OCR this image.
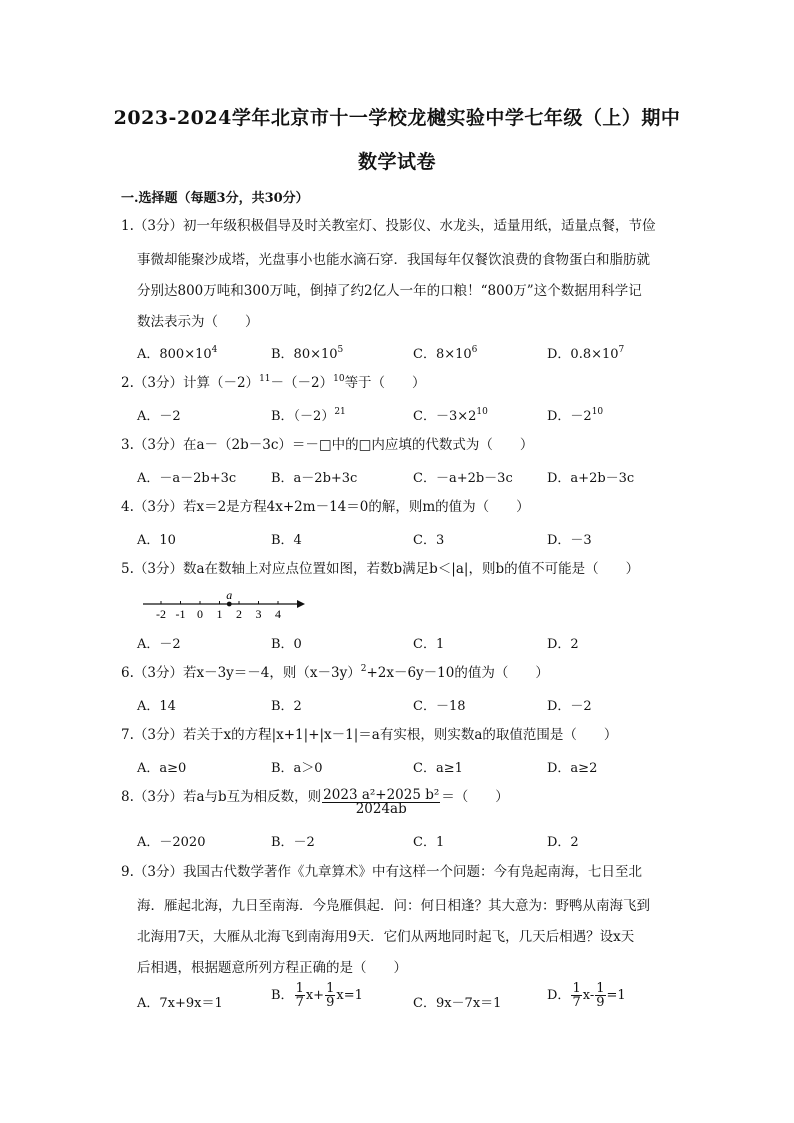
2023-2024学年北京市十一学校龙樾实验中学七年级（上）期中
数学试卷
一.选择题（每题3分，共30分）
1.（3分）初一年级积极倡导及时关教室灯、投影仪、水龙头，适量用纸，适量点餐，节俭
事微却能聚沙成塔，光盘事小也能水滴石穿．我国每年仅餐饮浪费的食物蛋白和脂肪就
分别达800万吨和300万吨，倒掉了约2亿人一年的口粮！“800万”这个数据用科学记
数法表示为（　　）
A．$800\times 10^4$	B．$80\times 10^5$	C．$8\times 10^6$	D．$0.8\times 10^7$
2.（3分）计算$(-2)^{11}-(-2)^{10}$等于（　　）
A．－2	B．$(-2)^{21}$	C．$-3\times 2^{10}$	D．$-2^{10}$
3.（3分）在a－（2b－3c）＝－□中的□内应填的代数式为（　　）
A．－a－2b+3c	B．a－2b+3c	C．－a+2b－3c	D．a+2b－3c
4.（3分）若x＝2是方程4x+2m－14＝0的解，则m的值为（　　）
A．10	B．4	C．3	D．－3
5.（3分）数a在数轴上对应点位置如图，若数b满足b＜|a|，则b的值不可能是（　　）
-2 -1 0 1 2 3 4
a
A．－2	B．0	C．1	D．2
6.（3分）若x－3y＝－4，则$(x-3y)^2+2x-6y-10$的值为（　　）
A．14	B．2	C．－18	D．－2
7.（3分）若关于x的方程|x+1|+|x－1|＝a有实根，则实数a的取值范围是（　　）
A．a≥0	B．a＞0	C．a≥1	D．a≥2
8.（3分）若a与b互为相反数，则 $\frac{\text{2023 a²+2025 b²}}{2024ab}$ ＝（　　）
A．－2020	B．－2	C．1	D．2
9.（3分）我国古代数学著作《九章算术》中有这样一个问题：今有凫起南海，七日至北
海．雁起北海，九日至南海．今凫雁俱起．问：何日相逢？其大意为：野鸭从南海飞到
北海用7天，大雁从北海飞到南海用9天．它们从两地同时起飞，几天后相遇？设x天
后相遇，根据题意所列方程正确的是（　　）
A．7x+9x＝1
B． $\frac{1}{7} x+ \frac{1}{9} x=1$
C．9x－7x＝1
D． $\frac{1}{7} x- \frac{1}{9} =1$
